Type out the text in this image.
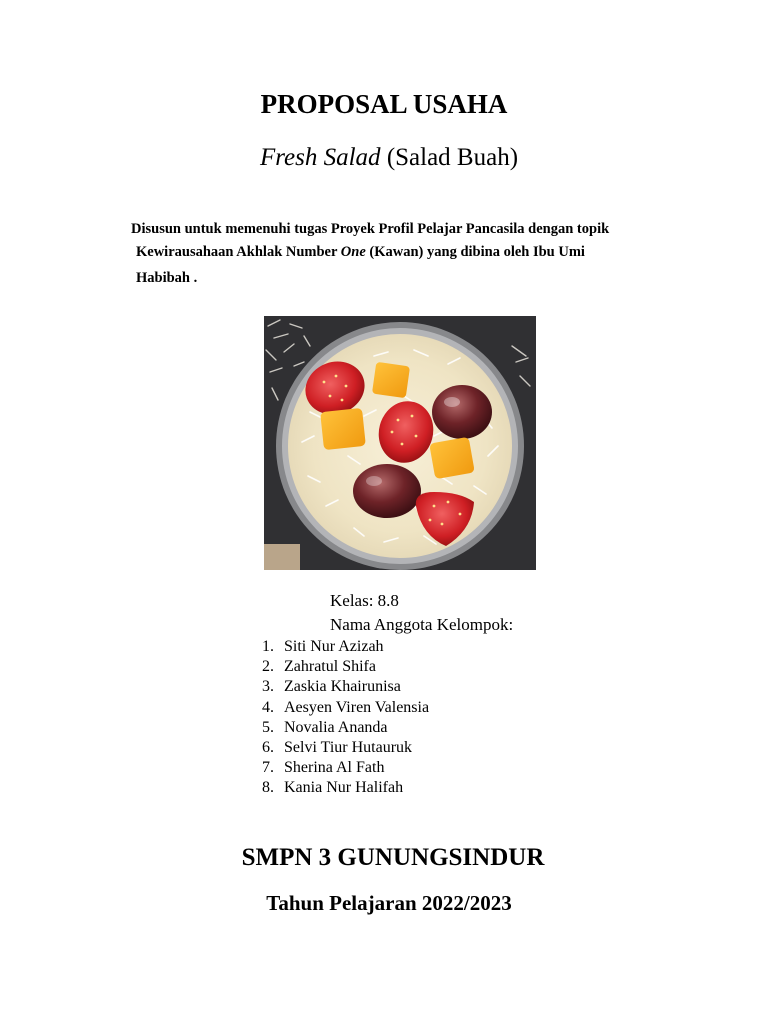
PROPOSAL USAHA
Fresh Salad (Salad Buah)
Disusun untuk memenuhi tugas Proyek Profil Pelajar Pancasila dengan topik
Kewirausahaan Akhlak Number One (Kawan) yang dibina oleh Ibu Umi
Habibah .
Kelas: 8.8
Nama Anggota Kelompok:
1. Siti Nur Azizah
2. Zahratul Shifa
3. Zaskia Khairunisa
4. Aesyen Viren Valensia
5. Novalia Ananda
6. Selvi Tiur Hutauruk
7. Sherina Al Fath
8. Kania Nur Halifah
SMPN 3 GUNUNGSINDUR
Tahun Pelajaran 2022/2023
